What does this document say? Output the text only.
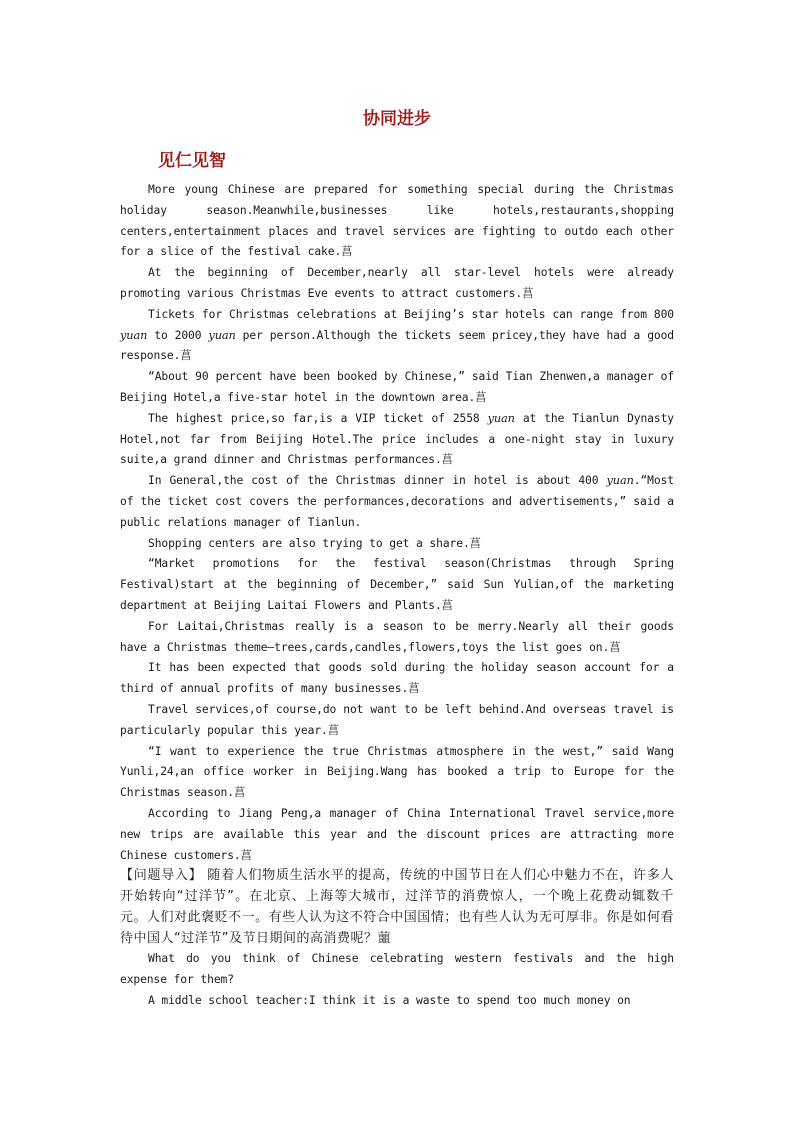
协同进步
见仁见智

More young Chinese are prepared for something special during the Christmas holiday season.Meanwhile,businesses like hotels,restaurants,shopping centers,entertainment places and travel services are fighting to outdo each other for a slice of the festival cake.菖

At the beginning of December,nearly all star-level hotels were already promoting various Christmas Eve events to attract customers.菖

Tickets for Christmas celebrations at Beijing’s star hotels can range from 800 yuan to 2000 yuan per person.Although the tickets seem pricey,they have had a good response.菖

“About 90 percent have been booked by Chinese,” said Tian Zhenwen,a manager of Beijing Hotel,a five-star hotel in the downtown area.菖

The highest price,so far,is a VIP ticket of 2558 yuan at the Tianlun Dynasty Hotel,not far from Beijing Hotel.The price includes a one-night stay in luxury suite,a grand dinner and Christmas performances.菖

In General,the cost of the Christmas dinner in hotel is about 400 yuan.“Most of the ticket cost covers the performances,decorations and advertisements,” said a public relations manager of Tianlun.

Shopping centers are also trying to get a share.菖

“Market promotions for the festival season(Christmas through Spring Festival)start at the beginning of December,” said Sun Yulian,of the marketing department at Beijing Laitai Flowers and Plants.菖

For Laitai,Christmas really is a season to be merry.Nearly all their goods have a Christmas theme—trees,cards,candles,flowers,toys the list goes on.菖

It has been expected that goods sold during the holiday season account for a third of annual profits of many businesses.菖

Travel services,of course,do not want to be left behind.And overseas travel is particularly popular this year.菖

“I want to experience the true Christmas atmosphere in the west,” said Wang Yunli,24,an office worker in Beijing.Wang has booked a trip to Europe for the Christmas season.菖

According to Jiang Peng,a manager of China International Travel service,more new trips are available this year and the discount prices are attracting more Chinese customers.菖

【问题导入】 随着人们物质生活水平的提高，传统的中国节日在人们心中魅力不在，许多人开始转向“过洋节”。在北京、上海等大城市，过洋节的消费惊人，一个晚上花费动辄数千元。人们对此褒贬不一。有些人认为这不符合中国国情；也有些人认为无可厚非。你是如何看待中国人“过洋节”及节日期间的高消费呢？蘁

What do you think of Chinese celebrating western festivals and the high expense for them?

A middle school teacher:I think it is a waste to spend too much money on
